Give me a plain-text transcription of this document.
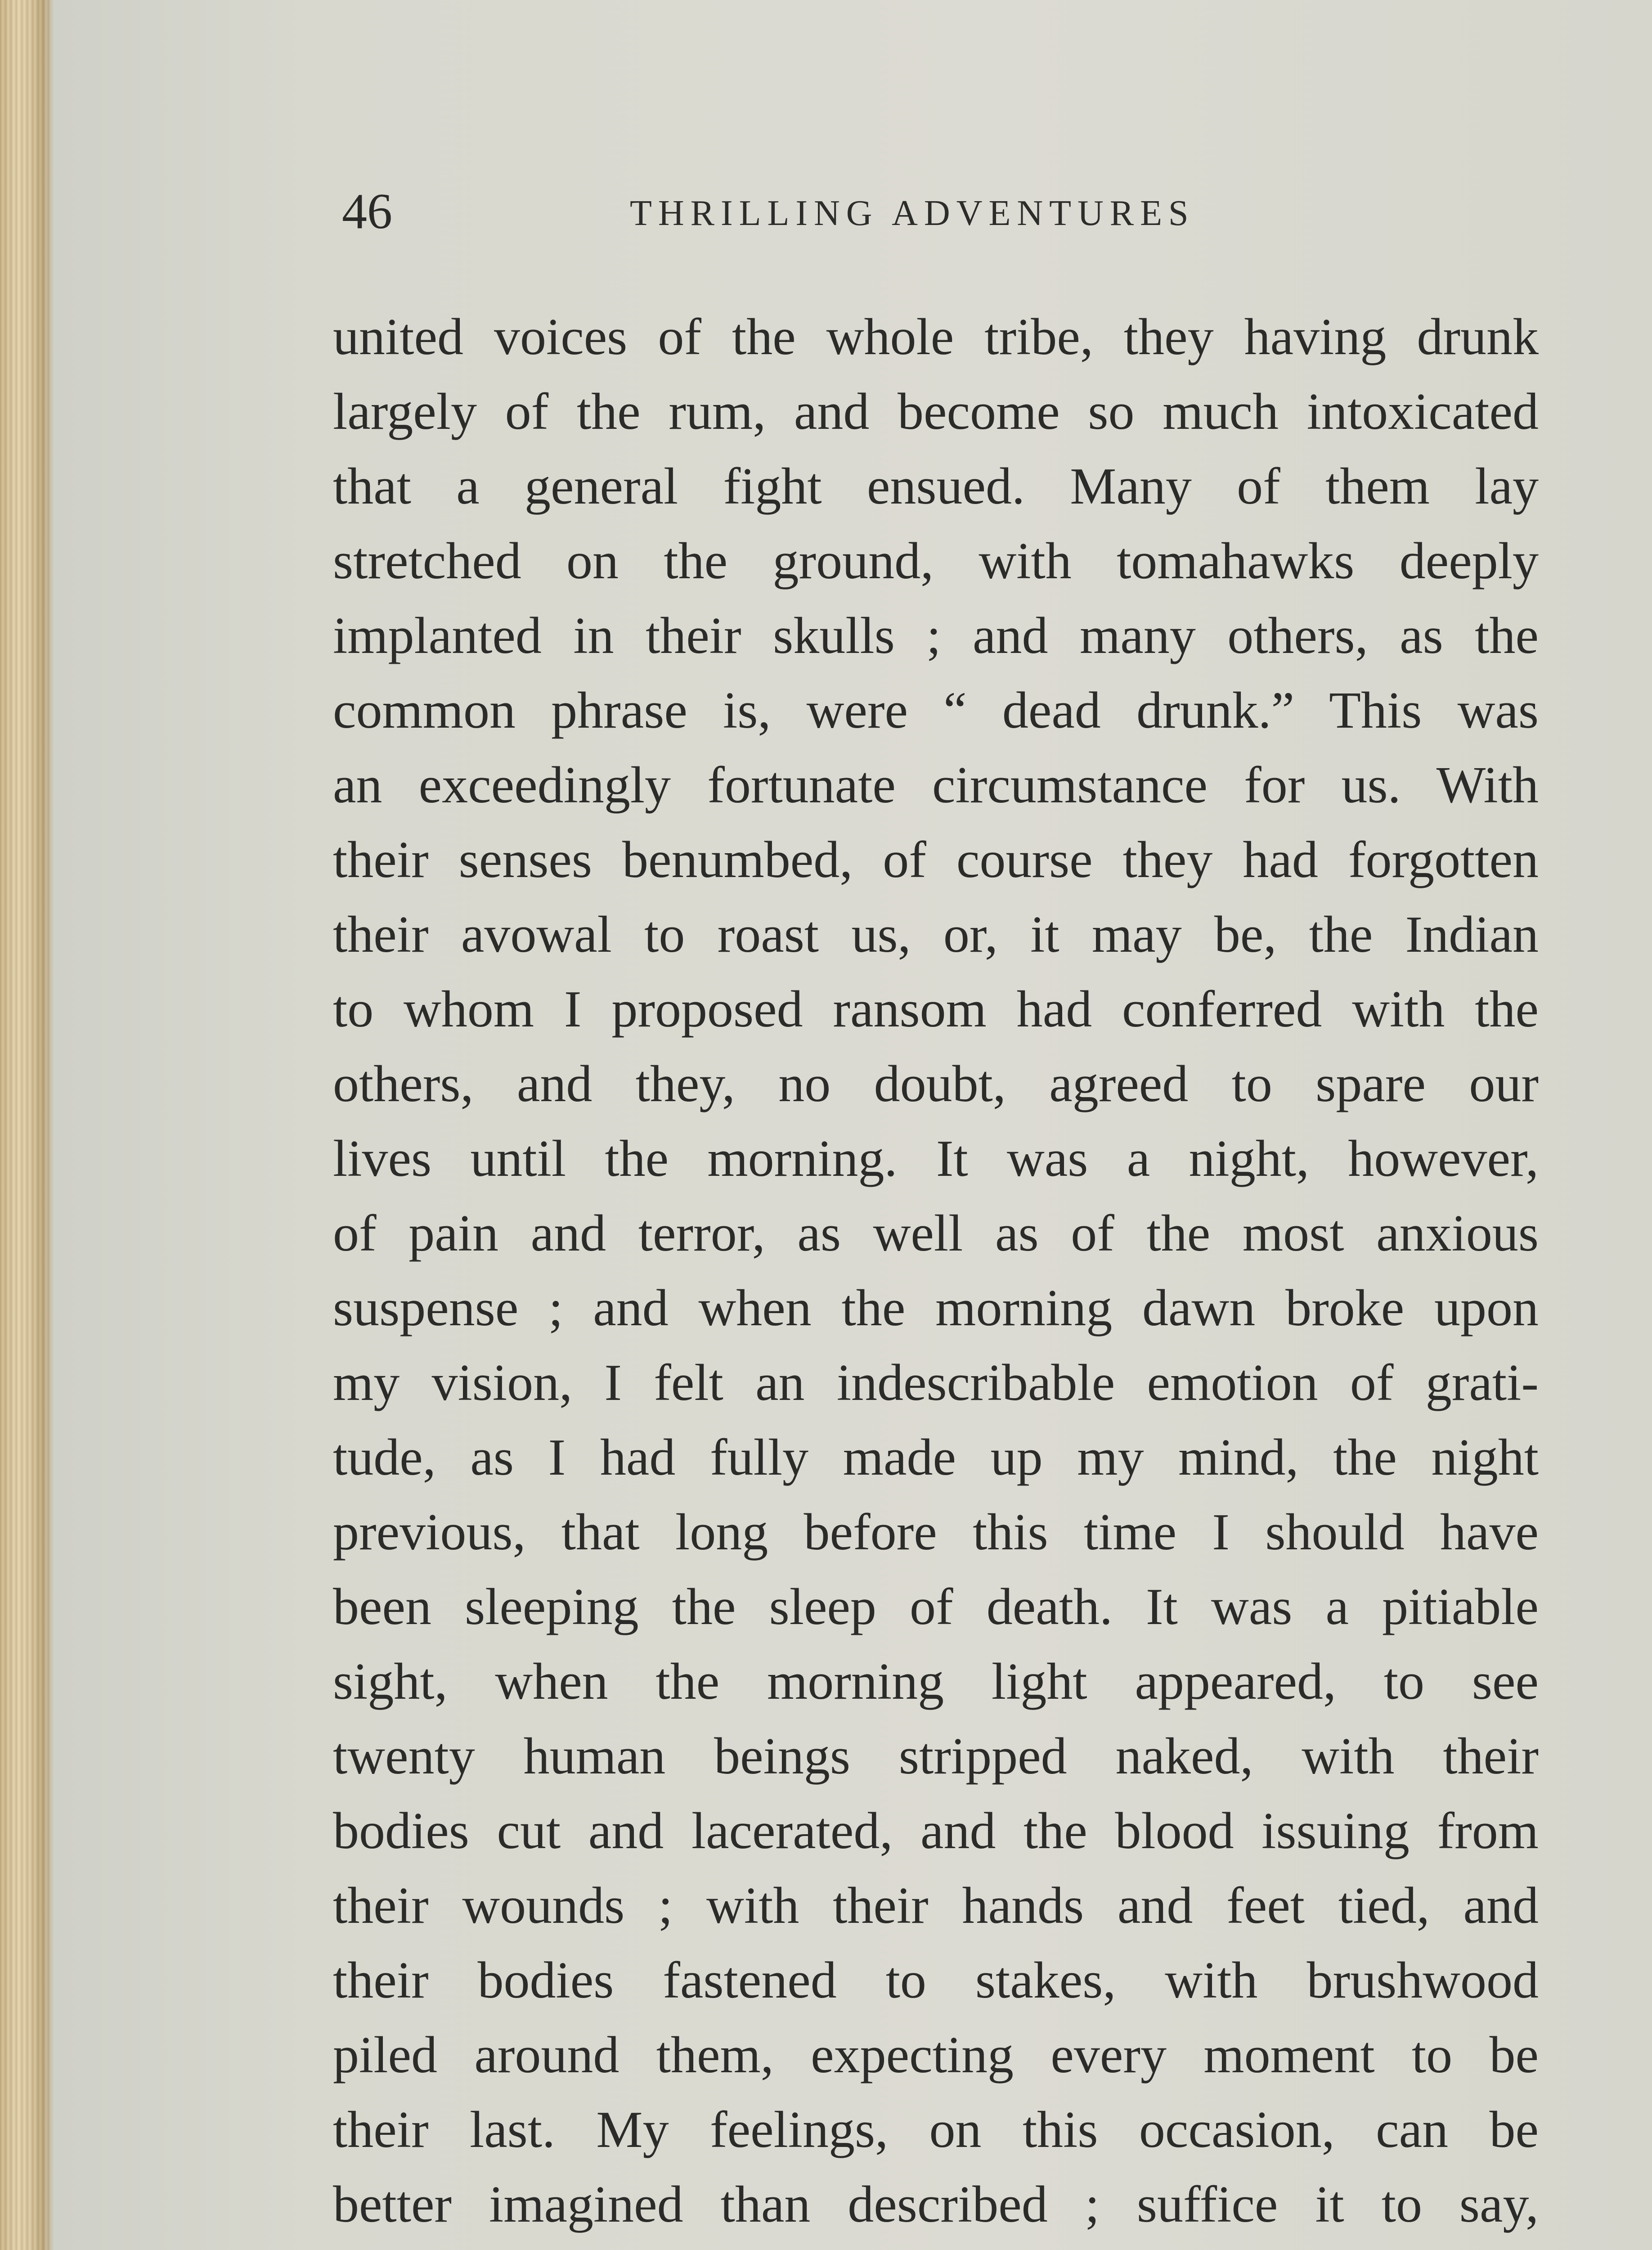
46	THRILLING ADVENTURES
united voices of the whole tribe, they having drunk
largely of the rum, and become so much intoxicated
that a general fight ensued. Many of them lay
stretched on the ground, with tomahawks deeply
implanted in their skulls ; and many others, as the
common phrase is, were “ dead drunk.” This was
an exceedingly fortunate circumstance for us. With
their senses benumbed, of course they had forgotten
their avowal to roast us, or, it may be, the Indian
to whom I proposed ransom had conferred with the
others, and they, no doubt, agreed to spare our
lives until the morning. It was a night, however,
of pain and terror, as well as of the most anxious
suspense ; and when the morning dawn broke upon
my vision, I felt an indescribable emotion of grati-
tude, as I had fully made up my mind, the night
previous, that long before this time I should have
been sleeping the sleep of death. It was a pitiable
sight, when the morning light appeared, to see
twenty human beings stripped naked, with their
bodies cut and lacerated, and the blood issuing from
their wounds ; with their hands and feet tied, and
their bodies fastened to stakes, with brushwood
piled around them, expecting every moment to be
their last. My feelings, on this occasion, can be
better imagined than described ; suffice it to say,
